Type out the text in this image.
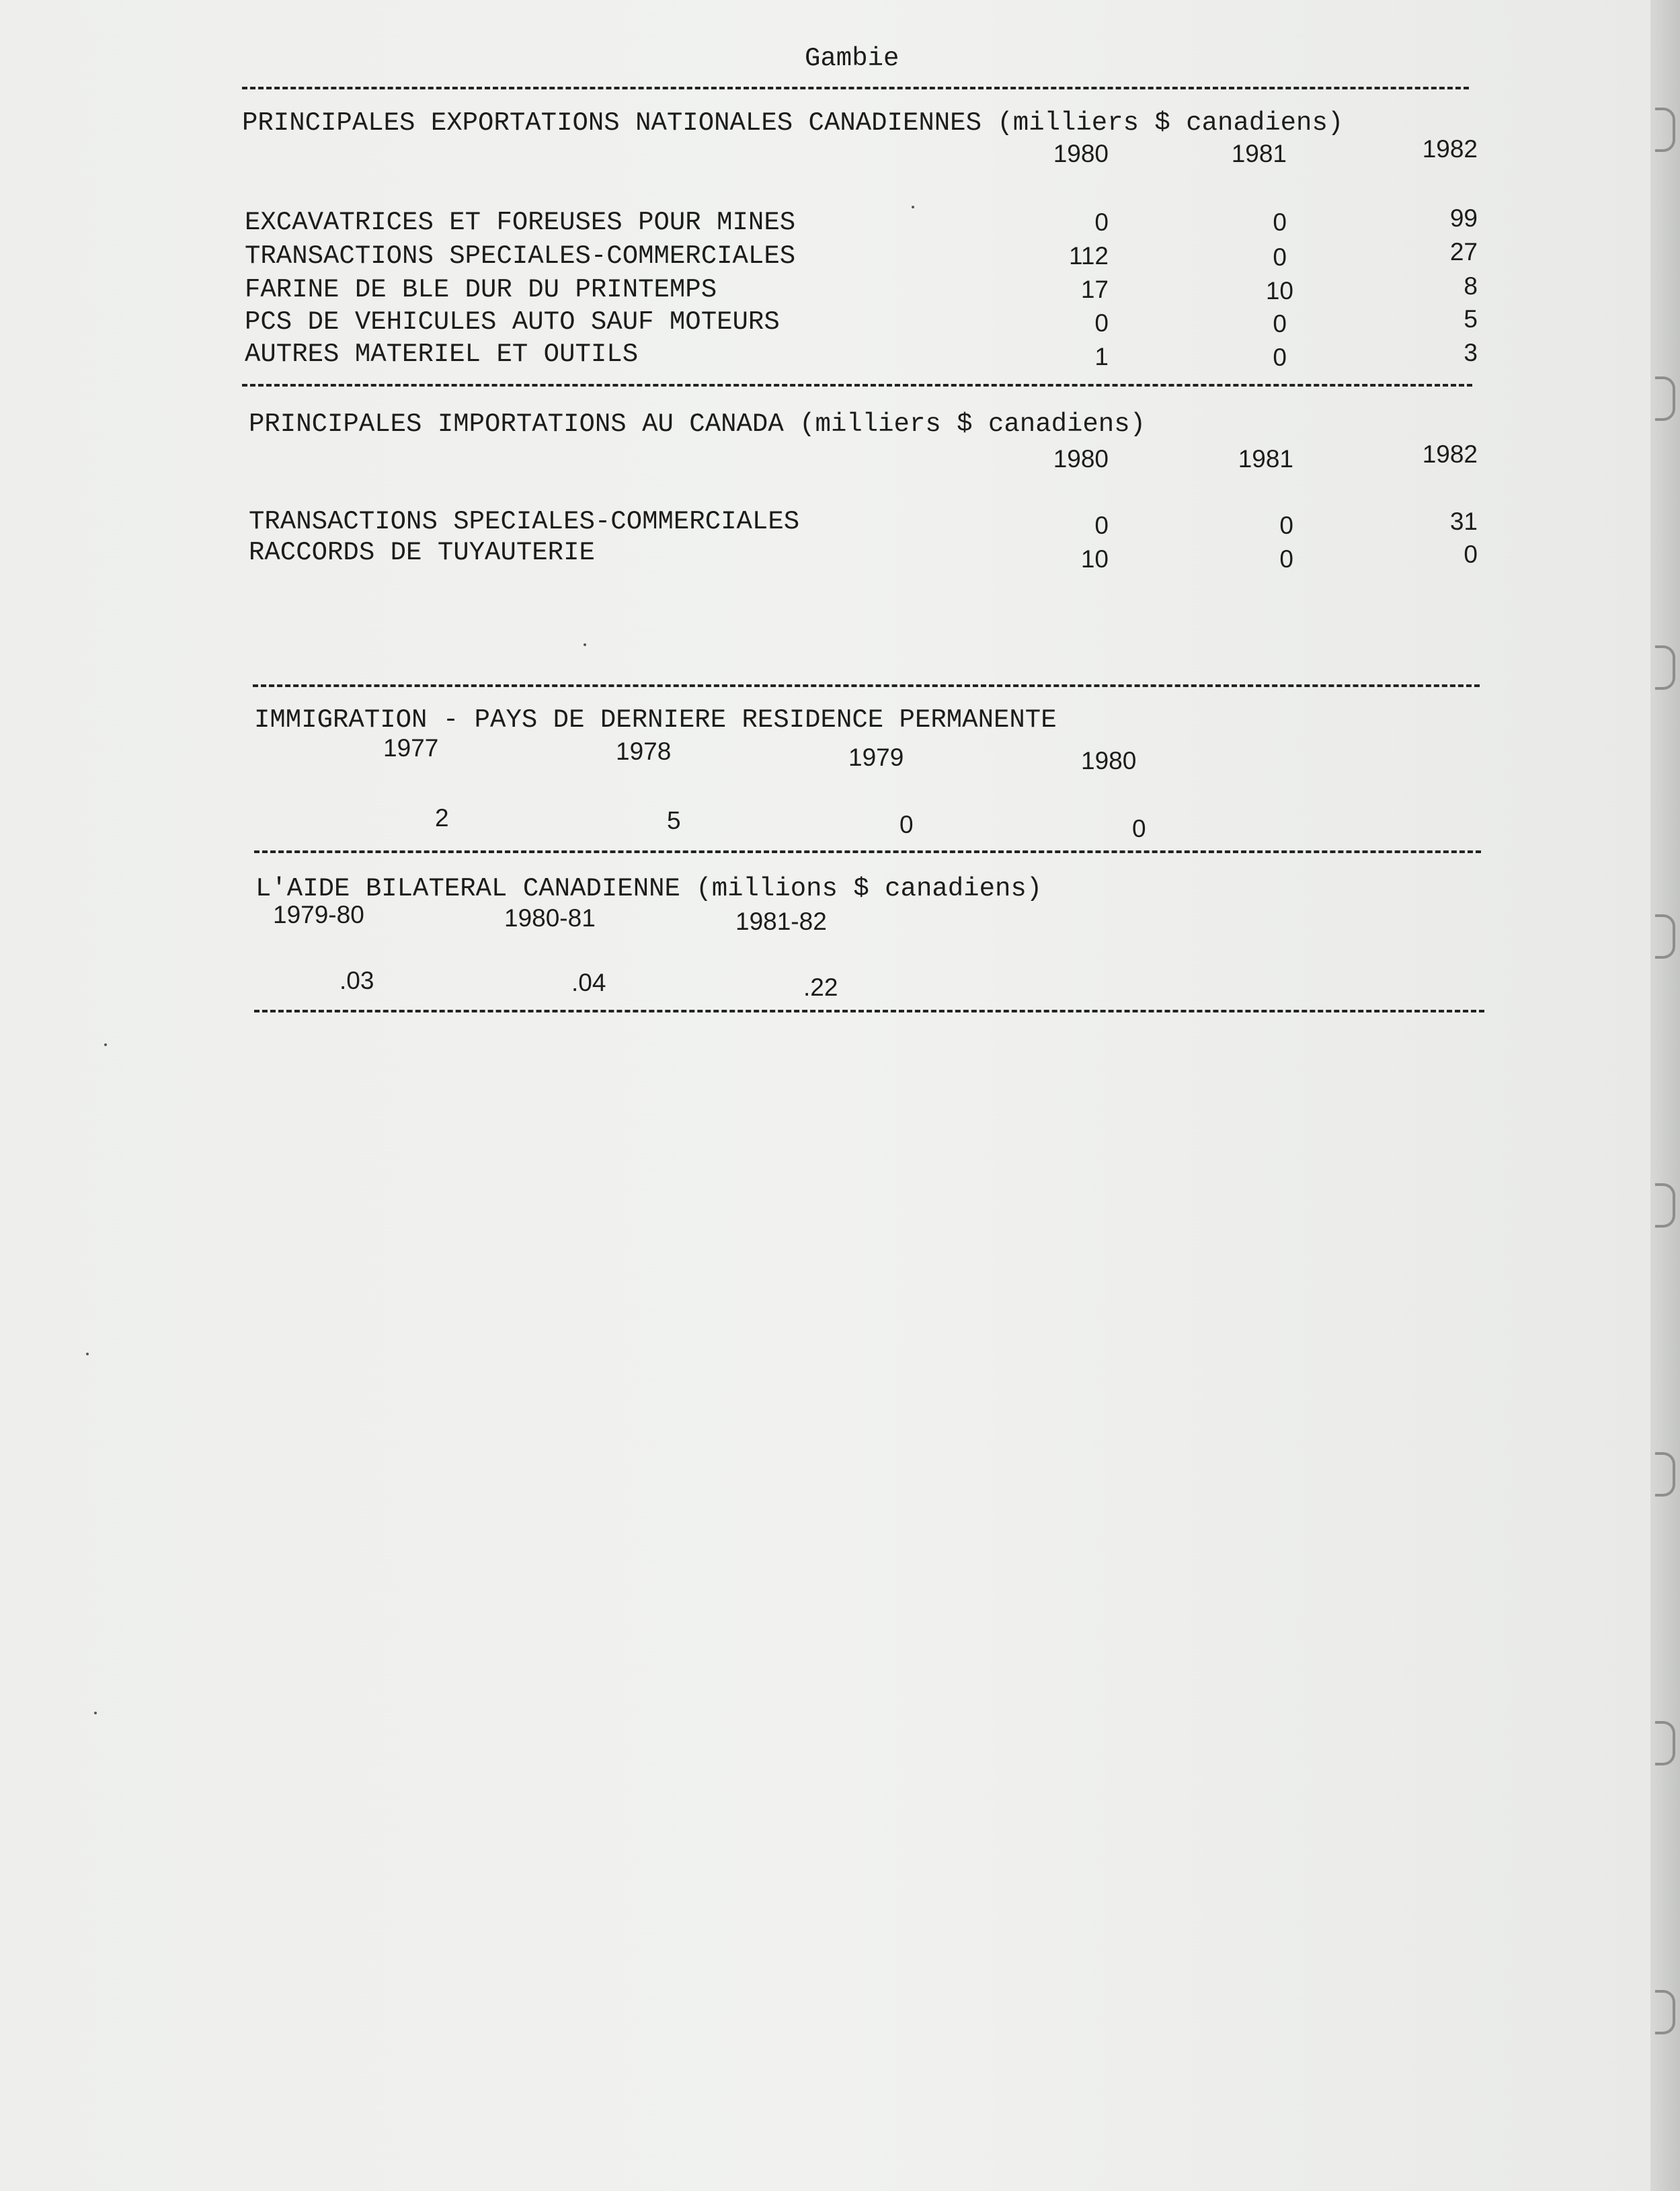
Gambie
PRINCIPALES EXPORTATIONS NATIONALES CANADIENNES (milliers $ canadiens)
1980	1981	1982
EXCAVATRICES ET FOREUSES POUR MINES	0	0	99
TRANSACTIONS SPECIALES-COMMERCIALES	112	0	27
FARINE DE BLE DUR DU PRINTEMPS	17	10	8
PCS DE VEHICULES AUTO SAUF MOTEURS	0	0	5
AUTRES MATERIEL ET OUTILS	1	0	3
PRINCIPALES IMPORTATIONS AU CANADA (milliers $ canadiens)
1980	1981	1982
TRANSACTIONS SPECIALES-COMMERCIALES	0	0	31
RACCORDS DE TUYAUTERIE	10	0	0
IMMIGRATION - PAYS DE DERNIERE RESIDENCE PERMANENTE
1977	1978	1979	1980
2	5	0	0
L'AIDE BILATERAL CANADIENNE (millions $ canadiens)
1979-80	1980-81	1981-82
.03	.04	.22
